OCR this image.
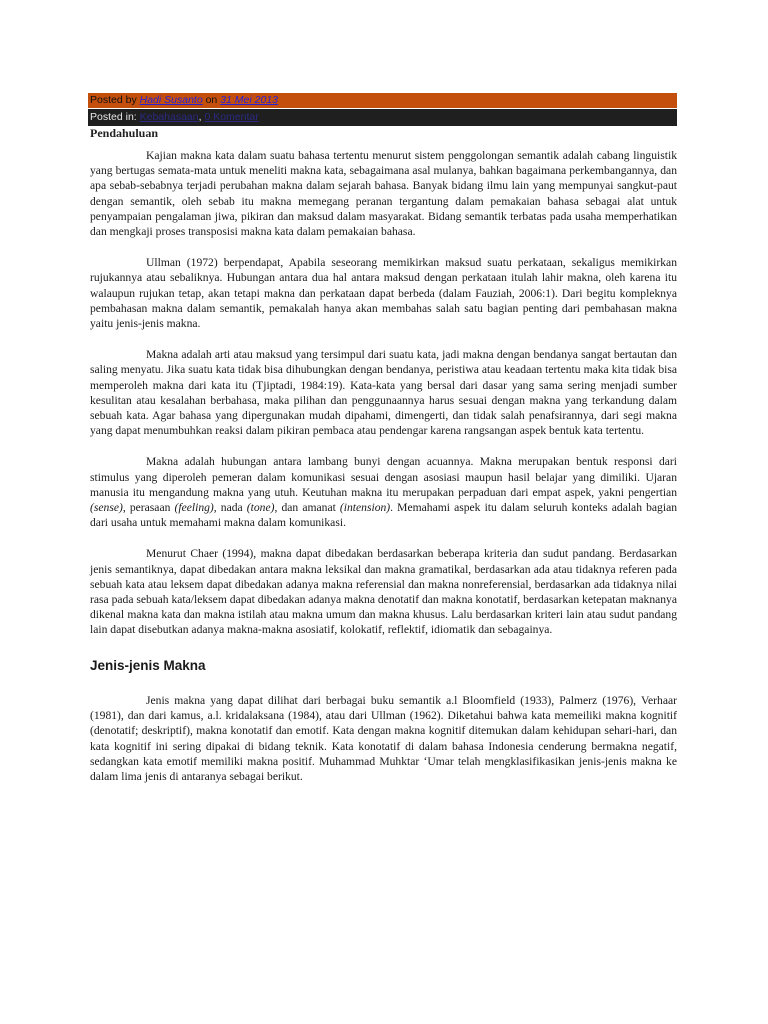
Posted by Hadi Susanto on 31 Mei 2013
Posted in: Kebahasaan, 0 Komentar
Pendahuluan

Kajian makna kata dalam suatu bahasa tertentu menurut sistem penggolongan semantik adalah cabang linguistik yang bertugas semata-mata untuk meneliti makna kata, sebagaimana asal mulanya, bahkan bagaimana perkembangannya, dan apa sebab-sebabnya terjadi perubahan makna dalam sejarah bahasa. Banyak bidang ilmu lain yang mempunyai sangkut-paut dengan semantik, oleh sebab itu makna memegang peranan tergantung dalam pemakaian bahasa sebagai alat untuk penyampaian pengalaman jiwa, pikiran dan maksud dalam masyarakat. Bidang semantik terbatas pada usaha memperhatikan dan mengkaji proses transposisi makna kata dalam pemakaian bahasa.

Ullman (1972) berpendapat, Apabila seseorang memikirkan maksud suatu perkataan, sekaligus memikirkan rujukannya atau sebaliknya. Hubungan antara dua hal antara maksud dengan perkataan itulah lahir makna, oleh karena itu walaupun rujukan tetap, akan tetapi makna dan perkataan dapat berbeda (dalam Fauziah, 2006:1). Dari begitu kompleknya pembahasan makna dalam semantik, pemakalah hanya akan membahas salah satu bagian penting dari pembahasan makna yaitu jenis-jenis makna.

Makna adalah arti atau maksud yang tersimpul dari suatu kata, jadi makna dengan bendanya sangat bertautan dan saling menyatu. Jika suatu kata tidak bisa dihubungkan dengan bendanya, peristiwa atau keadaan tertentu maka kita tidak bisa memperoleh makna dari kata itu (Tjiptadi, 1984:19). Kata-kata yang bersal dari dasar yang sama sering menjadi sumber kesulitan atau kesalahan berbahasa, maka pilihan dan penggunaannya harus sesuai dengan makna yang terkandung dalam sebuah kata. Agar bahasa yang dipergunakan mudah dipahami, dimengerti, dan tidak salah penafsirannya, dari segi makna yang dapat menumbuhkan reaksi dalam pikiran pembaca atau pendengar karena rangsangan aspek bentuk kata tertentu.

Makna adalah hubungan antara lambang bunyi dengan acuannya. Makna merupakan bentuk responsi dari stimulus yang diperoleh pemeran dalam komunikasi sesuai dengan asosiasi maupun hasil belajar yang dimiliki. Ujaran manusia itu mengandung makna yang utuh. Keutuhan makna itu merupakan perpaduan dari empat aspek, yakni pengertian (sense), perasaan (feeling), nada (tone), dan amanat (intension). Memahami aspek itu dalam seluruh konteks adalah bagian dari usaha untuk memahami makna dalam komunikasi.

Menurut Chaer (1994), makna dapat dibedakan berdasarkan beberapa kriteria dan sudut pandang. Berdasarkan jenis semantiknya, dapat dibedakan antara makna leksikal dan makna gramatikal, berdasarkan ada atau tidaknya referen pada sebuah kata atau leksem dapat dibedakan adanya makna referensial dan makna nonreferensial, berdasarkan ada tidaknya nilai rasa pada sebuah kata/leksem dapat dibedakan adanya makna denotatif dan makna konotatif, berdasarkan ketepatan maknanya dikenal makna kata dan makna istilah atau makna umum dan makna khusus. Lalu berdasarkan kriteri lain atau sudut pandang lain dapat disebutkan adanya makna-makna asosiatif, kolokatif, reflektif, idiomatik dan sebagainya.

Jenis-jenis Makna

Jenis makna yang dapat dilihat dari berbagai buku semantik a.l Bloomfield (1933), Palmerz (1976), Verhaar (1981), dan dari kamus, a.l. kridalaksana (1984), atau dari Ullman (1962). Diketahui bahwa kata memeiliki makna kognitif (denotatif; deskriptif), makna konotatif dan emotif. Kata dengan makna kognitif ditemukan dalam kehidupan sehari-hari, dan kata kognitif ini sering dipakai di bidang teknik. Kata konotatif di dalam bahasa Indonesia cenderung bermakna negatif, sedangkan kata emotif memiliki makna positif. Muhammad Muhktar ‘Umar telah mengklasifikasikan jenis-jenis makna ke dalam lima jenis di antaranya sebagai berikut.
